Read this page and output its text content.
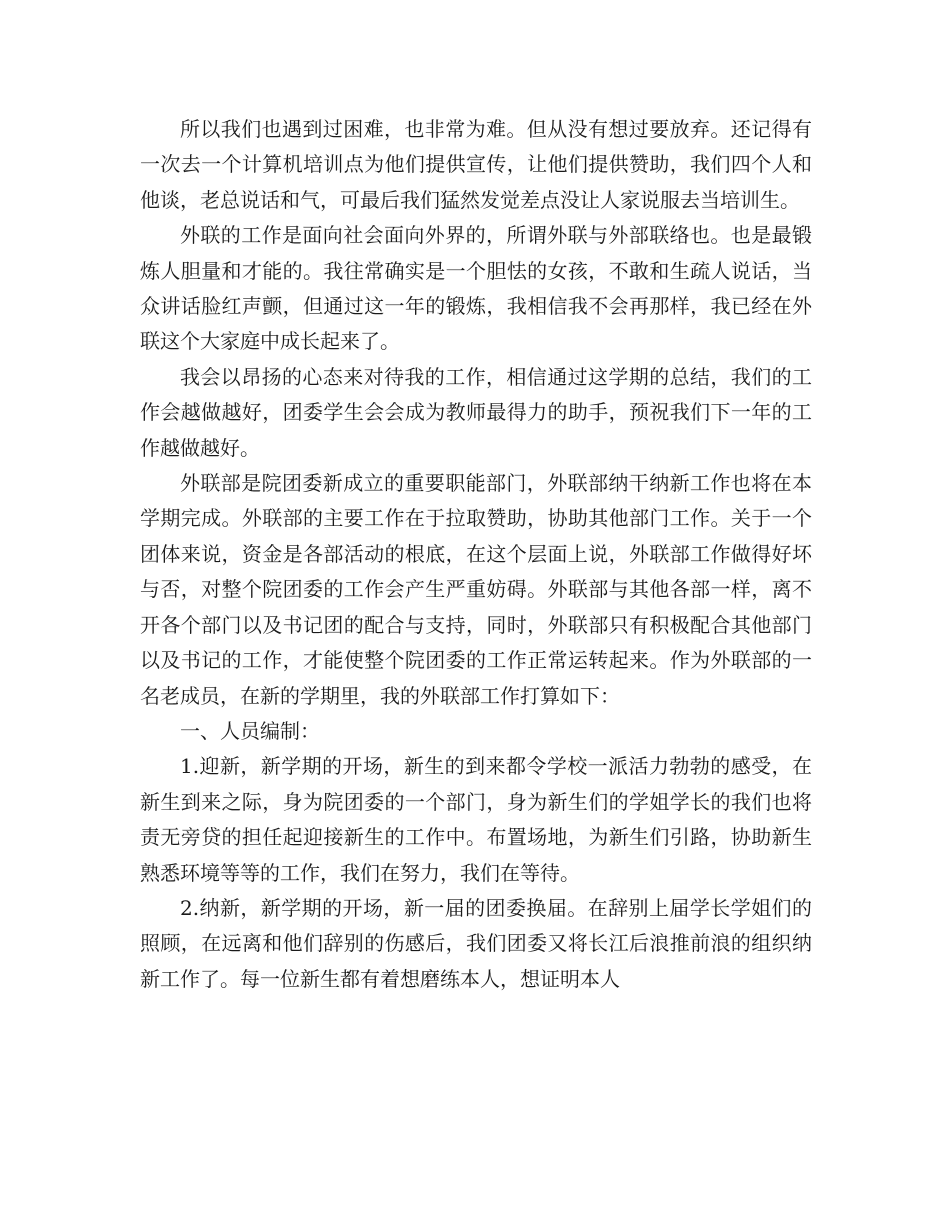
所以我们也遇到过困难，也非常为难。但从没有想过要放弃。还记得有一次去一个计算机培训点为他们提供宣传，让他们提供赞助，我们四个人和他谈，老总说话和气，可最后我们猛然发觉差点没让人家说服去当培训生。

外联的工作是面向社会面向外界的，所谓外联与外部联络也。也是最锻炼人胆量和才能的。我往常确实是一个胆怯的女孩，不敢和生疏人说话，当众讲话脸红声颤，但通过这一年的锻炼，我相信我不会再那样，我已经在外联这个大家庭中成长起来了。

我会以昂扬的心态来对待我的工作，相信通过这学期的总结，我们的工作会越做越好，团委学生会会成为教师最得力的助手，预祝我们下一年的工作越做越好。

外联部是院团委新成立的重要职能部门，外联部纳干纳新工作也将在本学期完成。外联部的主要工作在于拉取赞助，协助其他部门工作。关于一个团体来说，资金是各部活动的根底，在这个层面上说，外联部工作做得好坏与否，对整个院团委的工作会产生严重妨碍。外联部与其他各部一样，离不开各个部门以及书记团的配合与支持，同时，外联部只有积极配合其他部门以及书记的工作，才能使整个院团委的工作正常运转起来。作为外联部的一名老成员，在新的学期里，我的外联部工作打算如下：

一、人员编制：

1.迎新，新学期的开场，新生的到来都令学校一派活力勃勃的感受，在新生到来之际，身为院团委的一个部门，身为新生们的学姐学长的我们也将责无旁贷的担任起迎接新生的工作中。布置场地，为新生们引路，协助新生熟悉环境等等的工作，我们在努力，我们在等待。

2.纳新，新学期的开场，新一届的团委换届。在辞别上届学长学姐们的照顾，在远离和他们辞别的伤感后，我们团委又将长江后浪推前浪的组织纳新工作了。每一位新生都有着想磨练本人，想证明本人
